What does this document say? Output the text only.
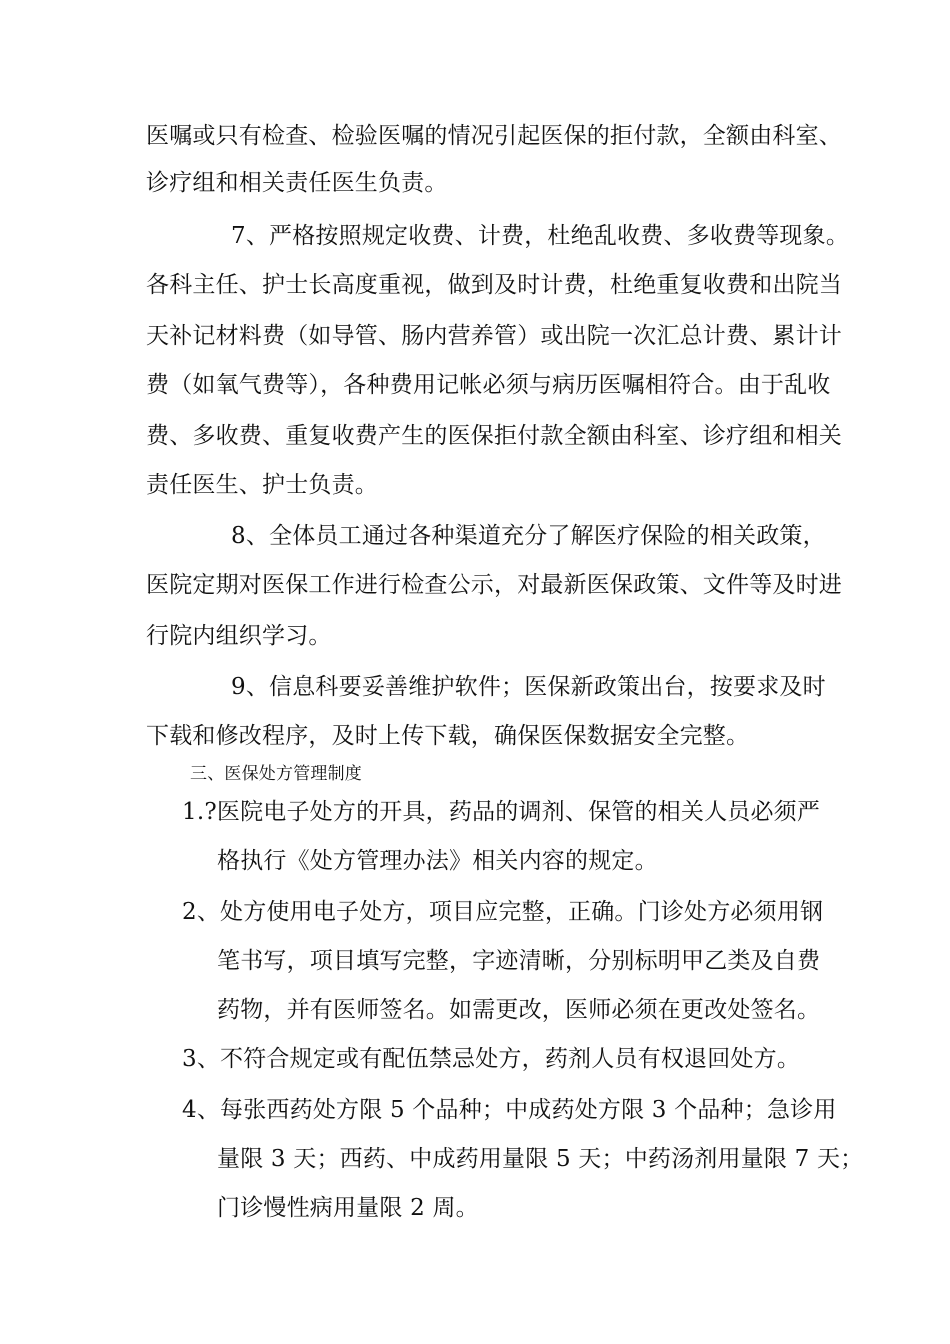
医嘱或只有检查、检验医嘱的情况引起医保的拒付款，全额由科室、
诊疗组和相关责任医生负责。
7、严格按照规定收费、计费，杜绝乱收费、多收费等现象。
各科主任、护士长高度重视，做到及时计费，杜绝重复收费和出院当
天补记材料费（如导管、肠内营养管）或出院一次汇总计费、累计计
费（如氧气费等），各种费用记帐必须与病历医嘱相符合。由于乱收
费、多收费、重复收费产生的医保拒付款全额由科室、诊疗组和相关
责任医生、护士负责。
8、全体员工通过各种渠道充分了解医疗保险的相关政策，
医院定期对医保工作进行检查公示，对最新医保政策、文件等及时进
行院内组织学习。
9、信息科要妥善维护软件；医保新政策出台，按要求及时
下载和修改程序，及时上传下载，确保医保数据安全完整。
三、医保处方管理制度
1.?医院电子处方的开具，药品的调剂、保管的相关人员必须严
格执行《处方管理办法》相关内容的规定。
2、处方使用电子处方，项目应完整，正确。门诊处方必须用钢
笔书写，项目填写完整，字迹清晰，分别标明甲乙类及自费
药物，并有医师签名。如需更改，医师必须在更改处签名。
3、不符合规定或有配伍禁忌处方，药剂人员有权退回处方。
4、每张西药处方限 5 个品种；中成药处方限 3 个品种；急诊用
量限 3 天；西药、中成药用量限 5 天；中药汤剂用量限 7 天；
门诊慢性病用量限 2 周。
